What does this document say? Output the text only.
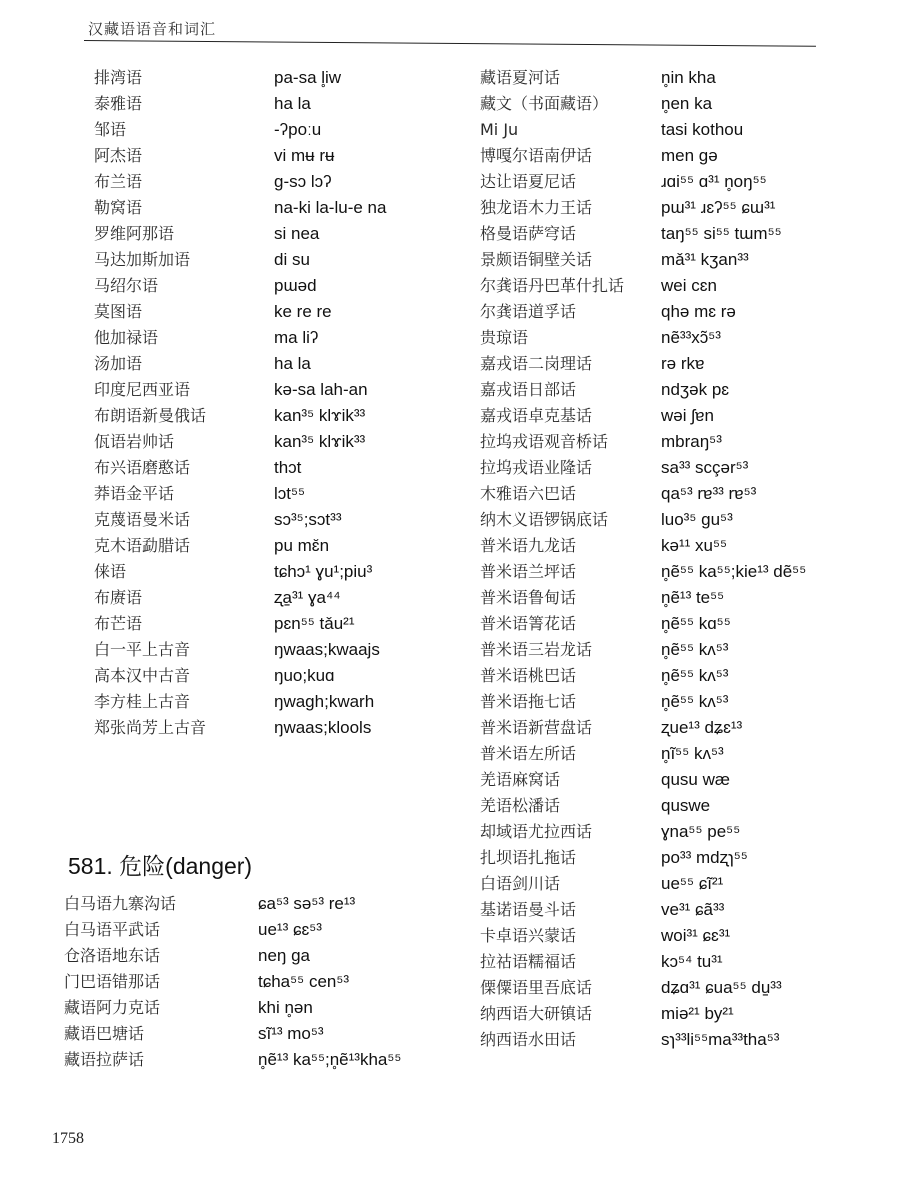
汉藏语语音和词汇
排湾语	pa-sa l̥iw
泰雅语	ha la
邹语	-ʔpoːu
阿杰语	vi mʉ rʉ
布兰语	g-sɔ lɔʔ
勒窝语	na-ki la-lu-e na
罗维阿那语	si nea
马达加斯加语	di su
马绍尔语	pɯəd
莫图语	ke re re
他加禄语	ma liʔ
汤加语	ha la
印度尼西亚语	kə-sa lah-an
布朗语新曼俄话	kan³⁵ klɤik³³
佤语岩帅话	kan³⁵ klɤik³³
布兴语磨憨话	thɔt
莽语金平话	lɔt⁵⁵
克蔑语曼米话	sɔ³⁵;sɔt³³
克木语勐腊话	pu mɛ̆n
俫语	tɕhɔ¹ ɣu¹;piu³
布赓语	ʐa̠³¹ ɣa⁴⁴
布芒语	pɛn⁵⁵ tǎu²¹
白一平上古音	ŋwaas;kwaajs
高本汉中古音	ŋuo;kuɑ
李方桂上古音	ŋwagh;kwarh
郑张尚芳上古音	ŋwaas;klools
581. 危险(danger)
白马语九寨沟话	ɕa⁵³ sə⁵³ re¹³
白马语平武话	ue¹³ ɕɛ⁵³
仓洛语地东话	neŋ ga
门巴语错那话	tɕha⁵⁵ cen⁵³
藏语阿力克话	khi n̥ən
藏语巴塘话	sĩ¹³ mo⁵³
藏语拉萨话	n̥ẽ¹³ ka⁵⁵;n̥ẽ¹³kha⁵⁵
藏语夏河话	n̥in kha
藏文（书面藏语）	n̥en ka
Mi Ju	tasi kothou
博嘎尔语南伊话	men gə
达让语夏尼话	ɹɑi⁵⁵ ɑ³¹ n̥oŋ⁵⁵
独龙语木力王话	pɯ³¹ ɹɛʔ⁵⁵ ɕɯ³¹
格曼语萨穹话	taŋ⁵⁵ si⁵⁵ tɯm⁵⁵
景颇语铜壁关话	mǎ³¹ kʒan³³
尔龚语丹巴革什扎话 wei cɛn
尔龚语道孚话	qhə mɛ rə
贵琼语	nẽ³³xɔ̃⁵³
嘉戎语二岗理话	rə rkɐ
嘉戎语日部话	ndʒək pɛ
嘉戎语卓克基话	wəi ʃɐn
拉坞戎语观音桥话	mbraŋ⁵³
拉坞戎语业隆话	sa³³ scçər⁵³
木雅语六巴话	qa⁵³ rɐ³³ rɐ⁵³
纳木义语锣锅底话	luo³⁵ gu⁵³
普米语九龙话	kə¹¹ xu⁵⁵
普米语兰坪话	n̥ẽ⁵⁵ ka⁵⁵;kie¹³ dẽ⁵⁵
普米语鲁甸话	n̥ẽ¹³ te⁵⁵
普米语箐花话	n̥ẽ⁵⁵ kɑ⁵⁵
普米语三岩龙话	n̥ẽ⁵⁵ kʌ⁵³
普米语桃巴话	n̥ẽ⁵⁵ kʌ⁵³
普米语拖七话	n̥ẽ⁵⁵ kʌ⁵³
普米语新营盘话	ʐue¹³ dʑɛ¹³
普米语左所话	n̥ĩ⁵⁵ kʌ⁵³
羌语麻窝话	qusu wæ
羌语松潘话	quswe
却域语尤拉西话	ɣna⁵⁵ pe⁵⁵
扎坝语扎拖话	po³³ mdʐɿ⁵⁵
白语剑川话	ue⁵⁵ ɕĩ²¹
基诺语曼斗话	ve³¹ ɕã³³
卡卓语兴蒙话	woi³¹ ɕɛ³¹
拉祜语糯福话	kɔ⁵⁴ tu³¹
傈僳语里吾底话	dʑɑ³¹ ɕua⁵⁵ du̠³³
纳西语大研镇话	miə²¹ by²¹
纳西语水田话	sɿ³³li⁵⁵ma³³tha⁵³
1758
